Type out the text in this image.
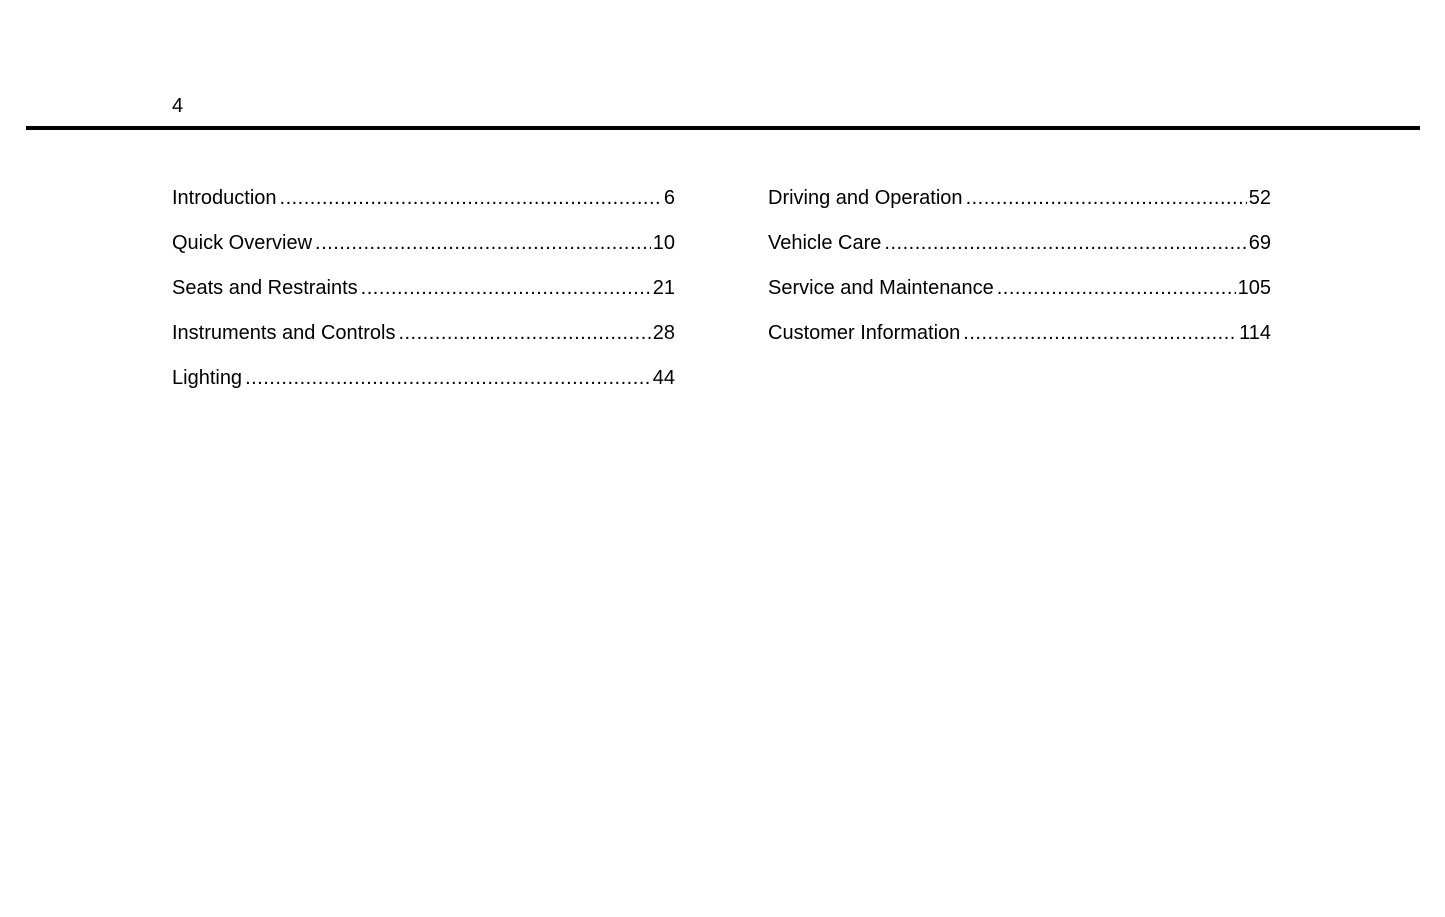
4
Introduction .....	6
Quick Overview .....	10
Seats and Restraints .....	21
Instruments and Controls .....	28
Lighting .....	44
Driving and Operation .....	52
Vehicle Care .....	69
Service and Maintenance .....	105
Customer Information .....	114
